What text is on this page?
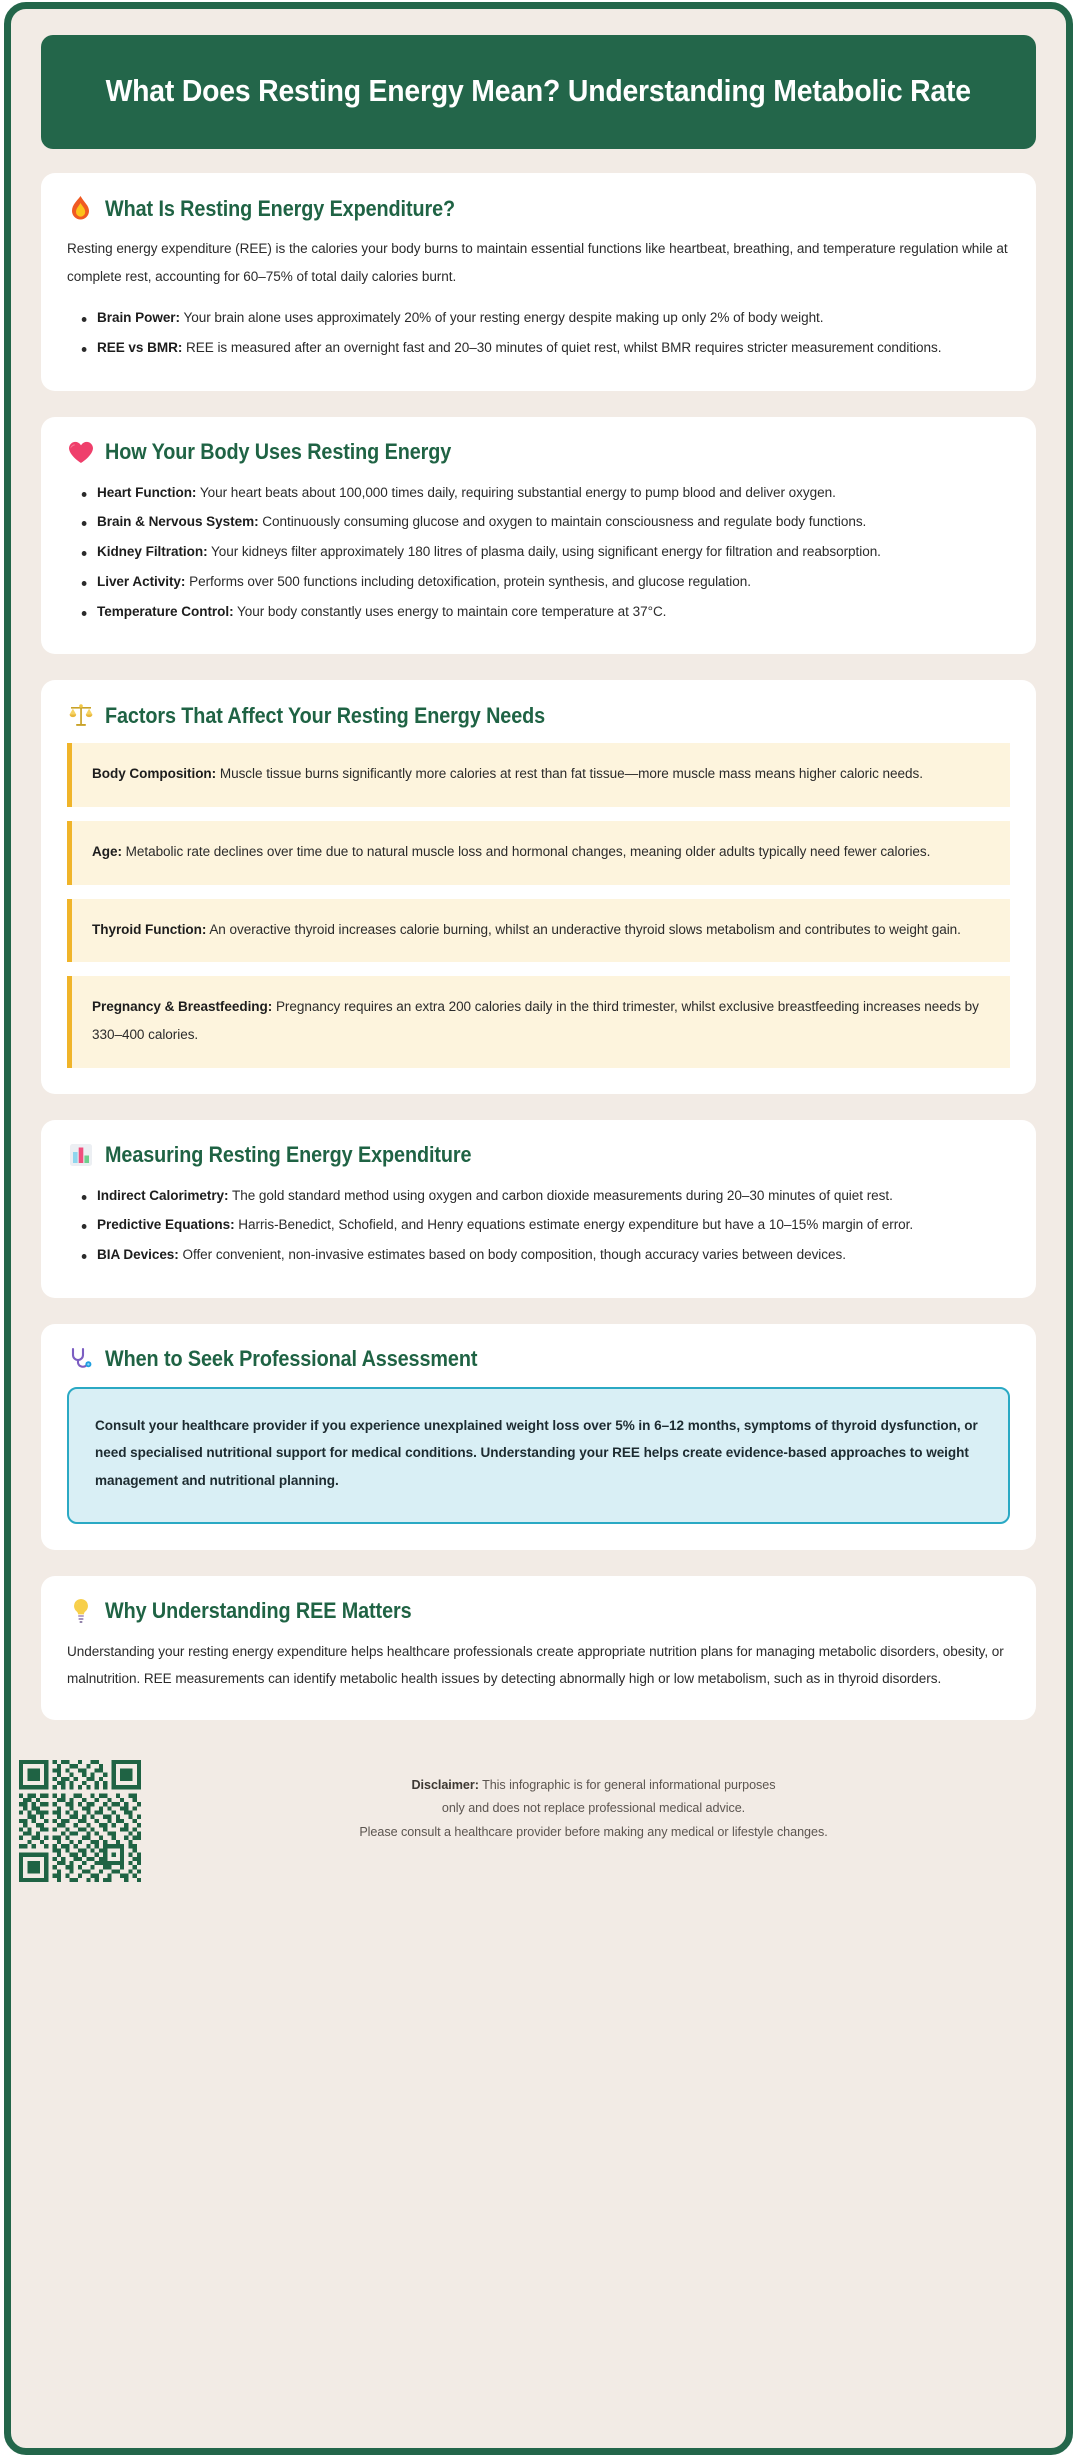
What Does Resting Energy Mean? Understanding Metabolic Rate
What Is Resting Energy Expenditure?

Resting energy expenditure (REE) is the calories your body burns to maintain essential functions like heartbeat, breathing, and temperature regulation while at complete rest, accounting for 60–75% of total daily calories burnt.

Brain Power: Your brain alone uses approximately 20% of your resting energy despite making up only 2% of body weight.
REE vs BMR: REE is measured after an overnight fast and 20–30 minutes of quiet rest, whilst BMR requires stricter measurement conditions.
How Your Body Uses Resting Energy
Heart Function: Your heart beats about 100,000 times daily, requiring substantial energy to pump blood and deliver oxygen.
Brain & Nervous System: Continuously consuming glucose and oxygen to maintain consciousness and regulate body functions.
Kidney Filtration: Your kidneys filter approximately 180 litres of plasma daily, using significant energy for filtration and reabsorption.
Liver Activity: Performs over 500 functions including detoxification, protein synthesis, and glucose regulation.
Temperature Control: Your body constantly uses energy to maintain core temperature at 37°C.
Factors That Affect Your Resting Energy Needs

Body Composition: Muscle tissue burns significantly more calories at rest than fat tissue—more muscle mass means higher caloric needs.

Age: Metabolic rate declines over time due to natural muscle loss and hormonal changes, meaning older adults typically need fewer calories.

Thyroid Function: An overactive thyroid increases calorie burning, whilst an underactive thyroid slows metabolism and contributes to weight gain.

Pregnancy & Breastfeeding: Pregnancy requires an extra 200 calories daily in the third trimester, whilst exclusive breastfeeding increases needs by 330–400 calories.

Measuring Resting Energy Expenditure
Indirect Calorimetry: The gold standard method using oxygen and carbon dioxide measurements during 20–30 minutes of quiet rest.
Predictive Equations: Harris-Benedict, Schofield, and Henry equations estimate energy expenditure but have a 10–15% margin of error.
BIA Devices: Offer convenient, non-invasive estimates based on body composition, though accuracy varies between devices.
When to Seek Professional Assessment

Consult your healthcare provider if you experience unexplained weight loss over 5% in 6–12 months, symptoms of thyroid dysfunction, or need specialised nutritional support for medical conditions. Understanding your REE helps create evidence-based approaches to weight management and nutritional planning.

Why Understanding REE Matters

Understanding your resting energy expenditure helps healthcare professionals create appropriate nutrition plans for managing metabolic disorders, obesity, or malnutrition. REE measurements can identify metabolic health issues by detecting abnormally high or low metabolism, such as in thyroid disorders.

Disclaimer: This infographic is for general informational purposes
only and does not replace professional medical advice.
Please consult a healthcare provider before making any medical or lifestyle changes.
